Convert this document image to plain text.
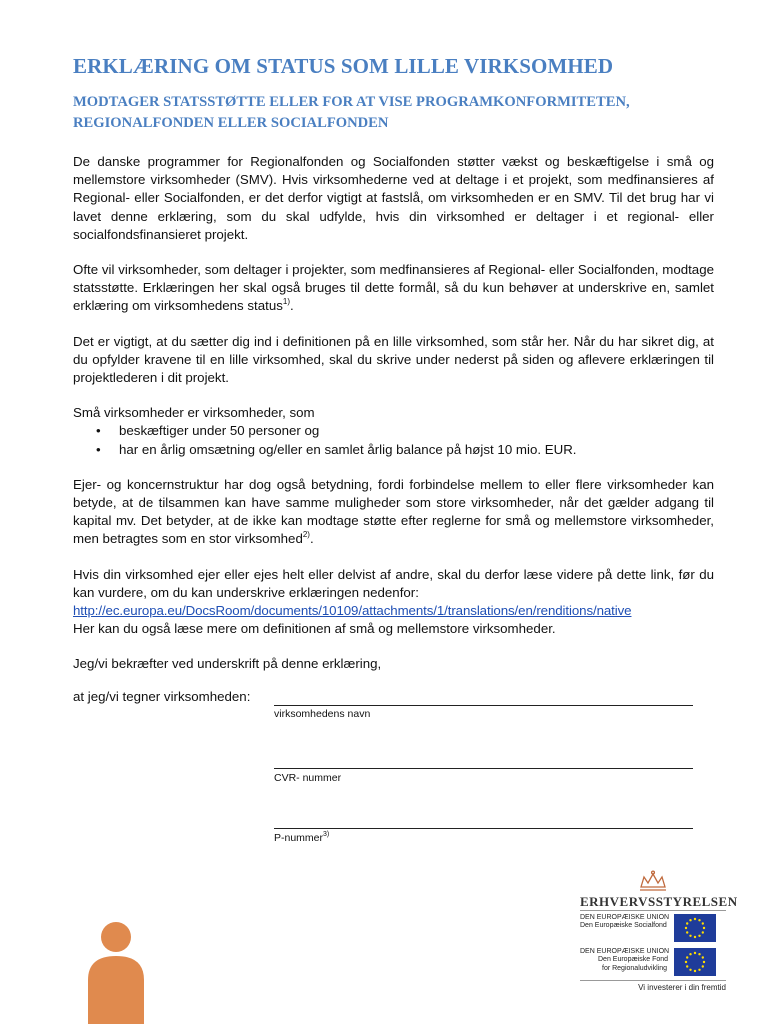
ERKLÆRING OM STATUS SOM LILLE VIRKSOMHED
MODTAGER STATSSTØTTE ELLER FOR AT VISE PROGRAMKONFORMITETEN, REGIONALFONDEN ELLER SOCIALFONDEN

De danske programmer for Regionalfonden og Socialfonden støtter vækst og beskæftigelse i små og mellemstore virksomheder (SMV). Hvis virksomhederne ved at deltage i et projekt, som medfinansieres af Regional- eller Socialfonden, er det derfor vigtigt at fastslå, om virksomheden er en SMV. Til det brug har vi lavet denne erklæring, som du skal udfylde, hvis din virksomhed er deltager i et regional- eller socialfondsfinansieret projekt.

Ofte vil virksomheder, som deltager i projekter, som medfinansieres af Regional- eller Socialfonden, modtage statsstøtte. Erklæringen her skal også bruges til dette formål, så du kun behøver at underskrive en, samlet erklæring om virksomhedens status$^{1)}$.

Det er vigtigt, at du sætter dig ind i definitionen på en lille virksomhed, som står her. Når du har sikret dig, at du opfylder kravene til en lille virksomhed, skal du skrive under nederst på siden og aflevere erklæringen til projektlederen i dit projekt.

Små virksomheder er virksomheder, som
• beskæftiger under 50 personer og
• har en årlig omsætning og/eller en samlet årlig balance på højst 10 mio. EUR.

Ejer- og koncernstruktur har dog også betydning, fordi forbindelse mellem to eller flere virksomheder kan betyde, at de tilsammen kan have samme muligheder som store virksomheder, når det gælder adgang til kapital mv. Det betyder, at de ikke kan modtage støtte efter reglerne for små og mellemstore virksomheder, men betragtes som en stor virksomhed$^{2)}$.

Hvis din virksomhed ejer eller ejes helt eller delvist af andre, skal du derfor læse videre på dette link, før du kan vurdere, om du kan underskrive erklæringen nedenfor:
http://ec.europa.eu/DocsRoom/documents/10109/attachments/1/translations/en/renditions/native
Her kan du også læse mere om definitionen af små og mellemstore virksomheder.

Jeg/vi bekræfter ved underskrift på denne erklæring,

at jeg/vi tegner virksomheden:
virksomhedens navn
CVR- nummer
P-nummer$^{3)}$
ERHVERVSSTYRELSEN
DEN EUROPÆISKE UNION
Den Europæiske Socialfond
DEN EUROPÆISKE UNION
Den Europæiske Fond
for Regionaludvikling
Vi investerer i din fremtid
